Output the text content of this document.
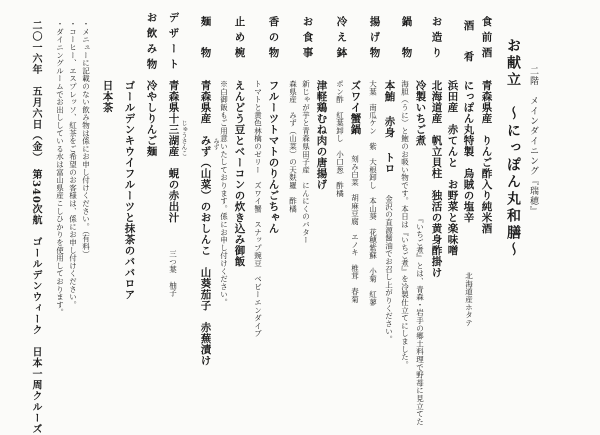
二階　メインダイニング『瑞穂』
お献立　〜にっぽん丸和膳〜
食前酒
青森県産　りんご酢入り純米酒
酒　肴
にっぽん丸特製　烏賊の塩辛
北海道産ホタテ
浜田産　赤てんと　お野菜と楽味噌
北海道産　帆立貝柱　独活の黄身酢掛け
冷製いちご煮
『いちご煮』とは、青森・岩手の郷土料理で野苺に見立てた
海胆（うに）と鮑のお吸い物です。本日は『いちご煮』を冷製仕立てにしました。
お造り
本鮪
赤身
トロ
金沢の直源醤油でお召し上がりください。
大葉　南瓜ケン　紫　大根卸し　本山葵　花穂紫蘇　小菊　紅蓼
鍋　物
ズワイ蟹鍋
刻み白菜　胡麻豆腐　エノキ　椎茸　春菊
ポン酢　紅葉卸し　小口葱　酢橘
揚げ物
津軽鶏むね肉の唐揚げ
新じゃが芋と青森県田子産　にんにくのバター
森県産　みず（山菜）の天麩羅　酢橘
冷え鉢
フルーツトマトのりんごちゃん
トマトと黄色林檎のゼリー　ズワイ蟹　スナップ豌豆　ベビーエンダイブ
お食事
えんどう豆とベーコンの炊き込み御飯
※白御飯もご用意いたしております。係にお申し付けください。
香の物
みず
青森県産　みず（山菜）のおしんこ　山葵茄子　赤蕪漬け
止め椀
じゅうさんこ
青森県十三湖産　蜆の赤出汁
三つ葉　柚子
麺　物
冷やしりんご麺
デザート
ゴールデンキウイフルーツと抹茶のババロア
お飲み物
日本茶
・メニューに記載のない飲み物は係にお申し付けください。（有料）
・コーヒー、エスプレッソ、紅茶をご希望のお客様は、係にお申し付けください。
・ダイニングルームでお出ししている水は富山県産こしひかりを使用しております。
二〇一六年　五月六日（金）　第340次航　ゴールデンウィーク　日本一周クルーズ
